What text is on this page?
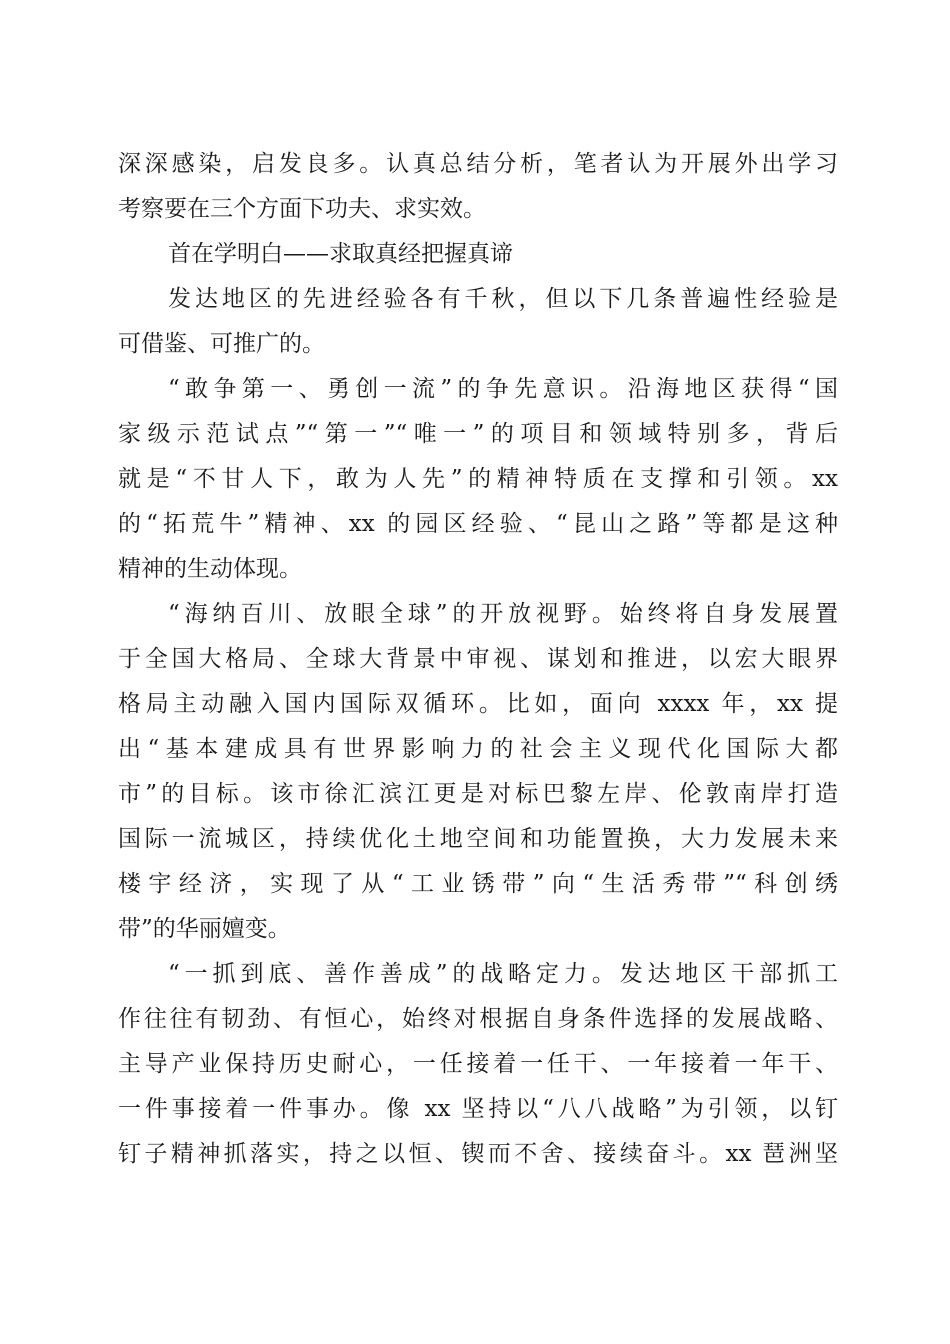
深深感染，启发良多。认真总结分析，笔者认为开展外出学习
考察要在三个方面下功夫、求实效。
首在学明白——求取真经把握真谛
发达地区的先进经验各有千秋，但以下几条普遍性经验是
可借鉴、可推广的。
“敢争第一、勇创一流”的争先意识。沿海地区获得“国
家级示范试点”“第一”“唯一”的项目和领域特别多，背后
就是“不甘人下，敢为人先”的精神特质在支撑和引领。xx
的“拓荒牛”精神、xx 的园区经验、“昆山之路”等都是这种
精神的生动体现。
“海纳百川、放眼全球”的开放视野。始终将自身发展置
于全国大格局、全球大背景中审视、谋划和推进，以宏大眼界
格局主动融入国内国际双循环。比如，面向 xxxx 年，xx 提
出“基本建成具有世界影响力的社会主义现代化国际大都
市”的目标。该市徐汇滨江更是对标巴黎左岸、伦敦南岸打造
国际一流城区，持续优化土地空间和功能置换，大力发展未来
楼宇经济，实现了从“工业锈带”向“生活秀带”“科创绣
带”的华丽嬗变。
“一抓到底、善作善成”的战略定力。发达地区干部抓工
作往往有韧劲、有恒心，始终对根据自身条件选择的发展战略、
主导产业保持历史耐心，一任接着一任干、一年接着一年干、
一件事接着一件事办。像 xx 坚持以“八八战略”为引领，以钉
钉子精神抓落实，持之以恒、锲而不舍、接续奋斗。xx 琶洲坚
